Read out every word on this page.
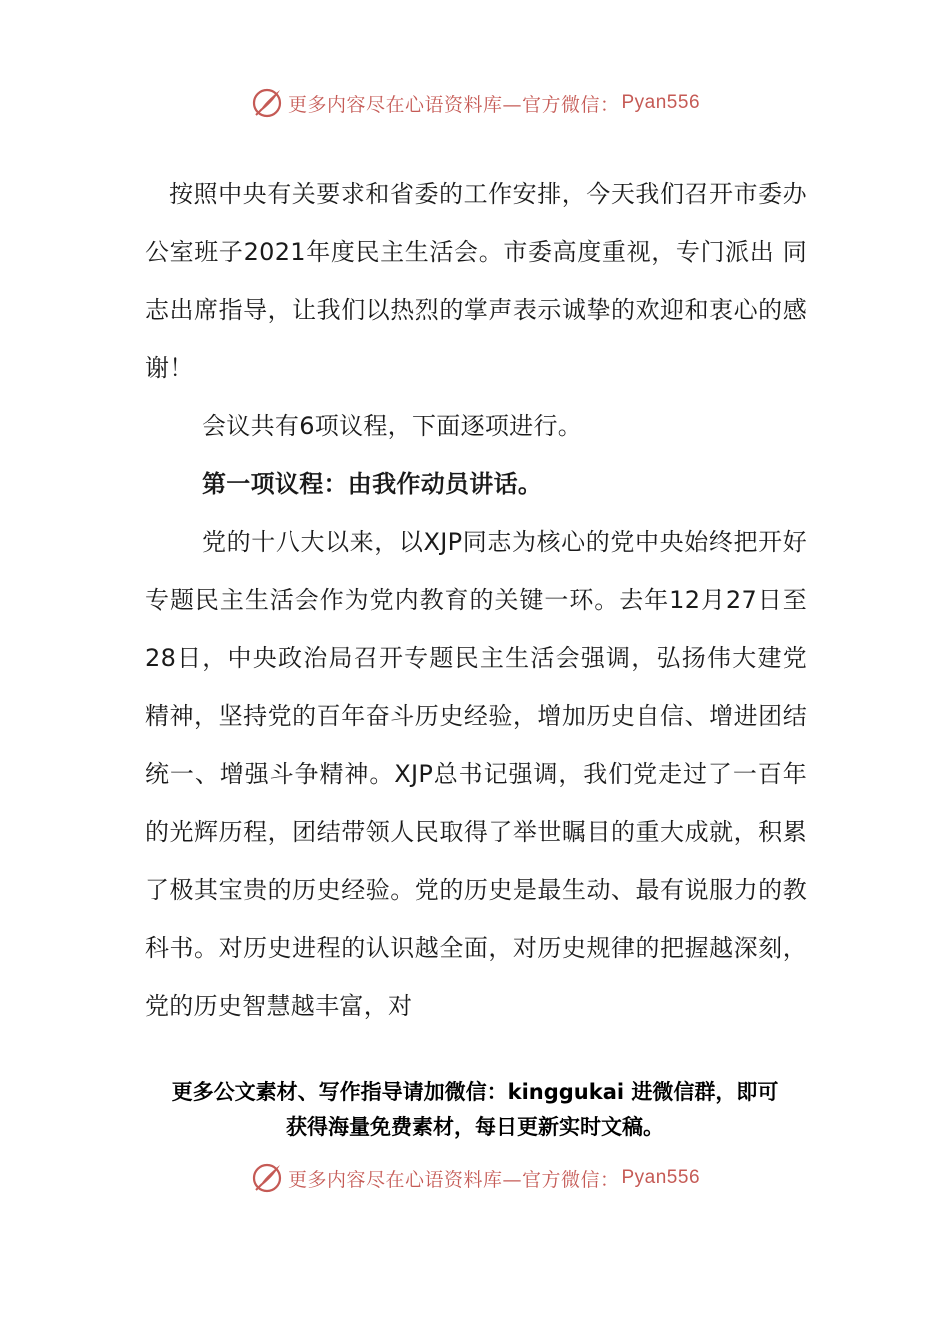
更多内容尽在心语资料库—官方微信： Pyan556

按照中央有关要求和省委的工作安排，今天我们召开市委办公室班子2021年度民主生活会。市委高度重视，专门派出 同志出席指导，让我们以热烈的掌声表示诚挚的欢迎和衷心的感谢！

会议共有6项议程，下面逐项进行。

第一项议程：由我作动员讲话。

党的十八大以来，以XJP同志为核心的党中央始终把开好专题民主生活会作为党内教育的关键一环。去年12月27日至28日，中央政治局召开专题民主生活会强调，弘扬伟大建党精神，坚持党的百年奋斗历史经验，增加历史自信、增进团结统一、增强斗争精神。XJP总书记强调，我们党走过了一百年的光辉历程，团结带领人民取得了举世瞩目的重大成就，积累了极其宝贵的历史经验。党的历史是最生动、最有说服力的教科书。对历史进程的认识越全面，对历史规律的把握越深刻，党的历史智慧越丰富，对

更多公文素材、写作指导请加微信：kinggukai 进微信群，即可
获得海量免费素材，每日更新实时文稿。
更多内容尽在心语资料库—官方微信： Pyan556
